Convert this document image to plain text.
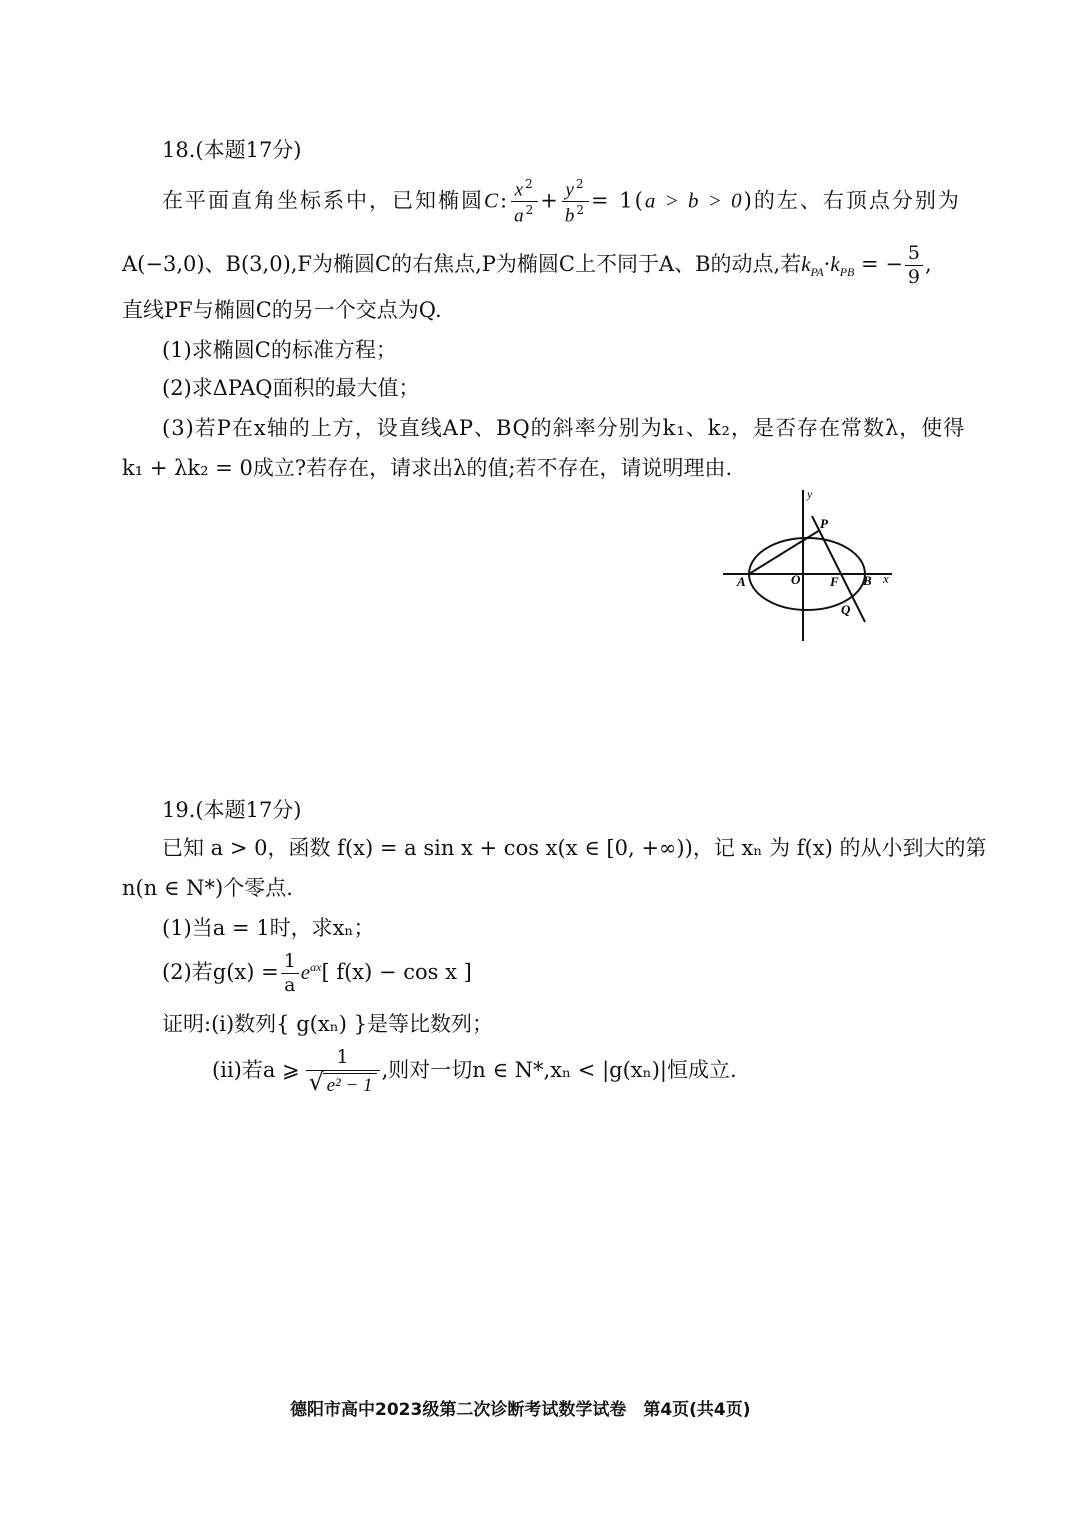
18.(本题17分)
在平面直角坐标系中，已知椭圆C: $\frac{x^2}{a^2} + \frac{y^2}{b^2} = 1(a > b > 0)$的左、右顶点分别为
A(−3,0)、B(3,0),F为椭圆C的右焦点,P为椭圆C上不同于A、B的动点,若$k_{PA}\cdot k_{PB}$ = − $\frac{5}{9}$ ,
直线PF与椭圆C的另一个交点为Q.
(1)求椭圆C的标准方程；
(2)求ΔPAQ面积的最大值；
(3)若P在x轴的上方，设直线AP、BQ的斜率分别为k₁、k₂，是否存在常数λ，使得
k₁ + λk₂ = 0成立?若存在，请求出λ的值;若不存在，请说明理由.
y
x
A	O F B
P
Q
19.(本题17分)
已知 a > 0，函数 f(x) = a sin x + cos x(x ∈ [0, +∞))，记 xₙ 为 f(x) 的从小到大的第
n(n ∈ N*)个零点.
(1)当a = 1时，求xₙ；
(2)若$g(x) = \frac{1}{a} e^{ax}$[ f(x) − cos x ]
证明:(ⅰ)数列{ g(xₙ) }是等比数列；
(ⅱ)若a ⩾ $\frac{1}{\text{√ e² − 1}}$ ,则对一切n ∈ N*,xₙ < |g(xₙ)|恒成立.
德阳市高中2023级第二次诊断考试数学试卷　第4页(共4页)
